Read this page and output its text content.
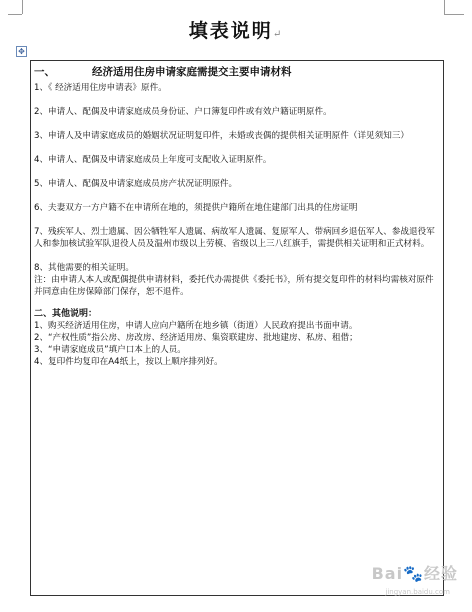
填表说明↵
✥
一、	经济适用住房申请家庭需提交主要申请材料

1、《 经济适用住房申请表》原件。

2、申请人、配偶及申请家庭成员身份证、户口簿复印件或有效户籍证明原件。

3、申请人及申请家庭成员的婚姻状况证明复印件，未婚或丧偶的提供相关证明原件（详见须知三）

4、申请人、配偶及申请家庭成员上年度可支配收入证明原件。

5、申请人、配偶及申请家庭成员房产状况证明原件。

6、夫妻双方一方户籍不在申请所在地的，须提供户籍所在地住建部门出具的住房证明

7、残疾军人、烈士遗属、因公牺牲军人遗属、病故军人遗属、复原军人、带病回乡退伍军人、参战退役军人和参加核试验军队退役人员及温州市级以上劳模、省级以上三八红旗手，需提供相关证明和正式材料。

8、其他需要的相关证明。

注：由申请人本人或配偶提供申请材料，委托代办需提供《委托书》，所有提交复印件的材料均需核对原件并同意由住房保障部门保存，恕不退件。

二、其他说明：

1、购买经济适用住房，申请人应向户籍所在地乡镇（街道）人民政府提出书面申请。

2、“产权性质”指公房、房改房、经济适用房、集资联建房、批地建房、私房、租借；

3、“申请家庭成员”填户口本上的人员。

4、复印件均复印在A4纸上，按以上顺序排列好。

Bai🐾经验
jingyan.baidu.com
